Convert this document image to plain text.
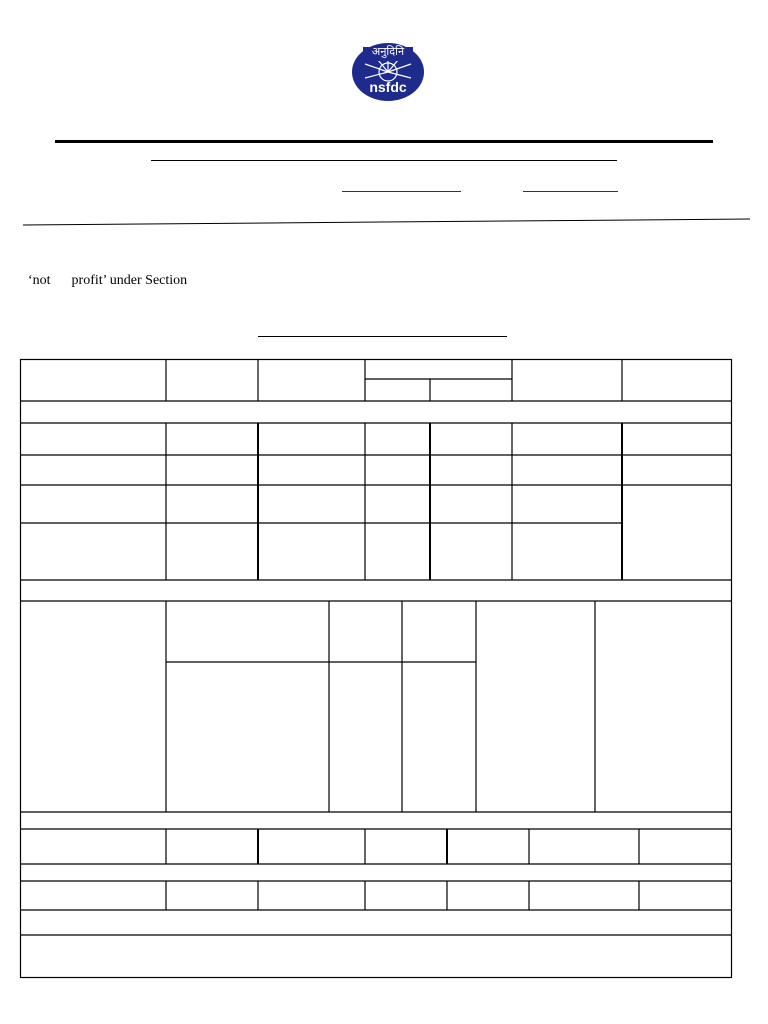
अनुदिनि
nsfdc
‘not      profit’ under Section
